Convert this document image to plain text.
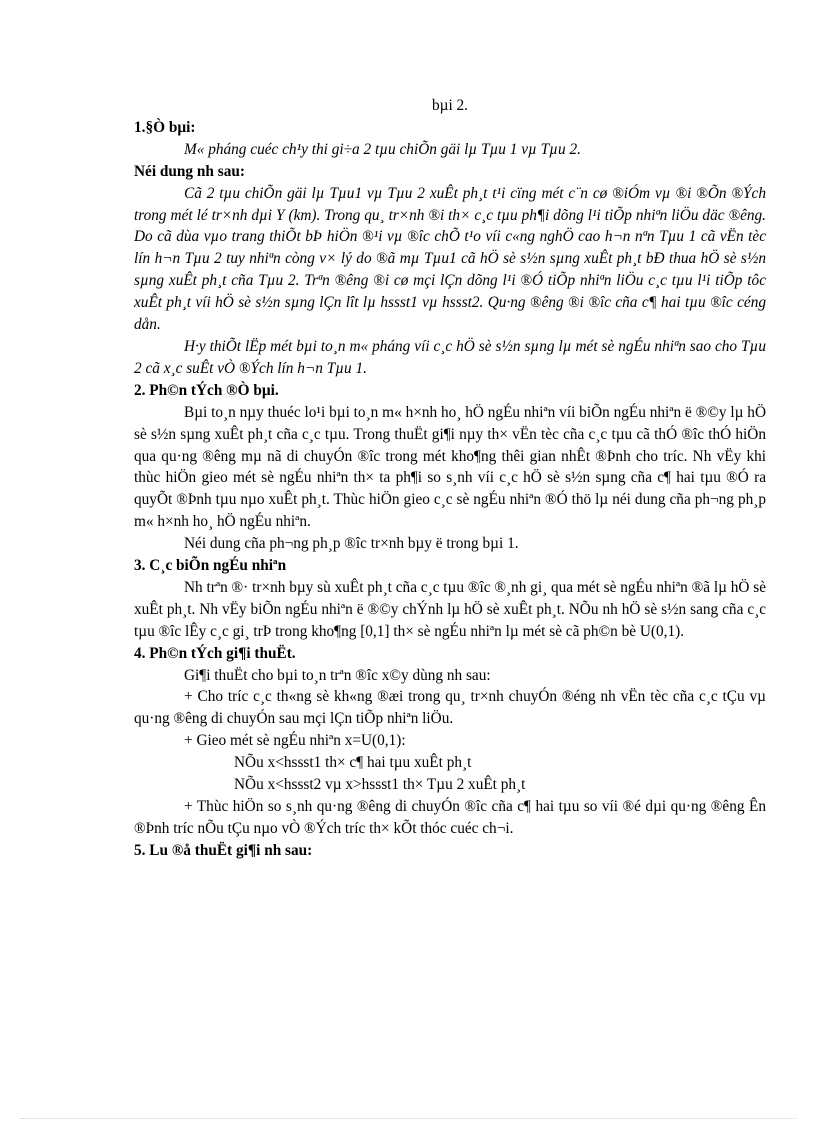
bµi 2.
1.§Ò bµi:
M« pháng cuéc ch¹y thi gi÷a 2 tµu chiÕn gäi lµ Tµu 1 vµ Tµu 2.
Néi dung nh sau:
Cã 2 tµu chiÕn gäi lµ Tµu1 vµ Tµu 2 xuÊt ph¸t t¹i cïng mét c¨n cø ®iÓm vµ ®i ®Õn ®Ých trong mét lé tr×nh dµi Y (km). Trong qu¸ tr×nh ®i th× c¸c tµu ph¶i dõng l¹i tiÕp nhiªn liÖu däc ®êng. Do cã dùa vµo trang thiÕt bÞ hiÖn ®¹i vµ ®îc chÕ t¹o víi c«ng nghÖ cao h¬n nªn Tµu 1 cã vËn tèc lín h¬n Tµu 2 tuy nhiªn còng v× lý do ®ã mµ Tµu1 cã hÖ sè s½n sµng xuÊt ph¸t bÐ thua hÖ sè s½n sµng xuÊt ph¸t cña Tµu 2. Trªn ®êng ®i cø mçi lÇn dõng l¹i ®Ó tiÕp nhiªn liÖu c¸c tµu l¹i tiÕp tôc xuÊt ph¸t víi hÖ sè s½n sµng lÇn lît lµ hssst1 vµ hssst2. Qu·ng ®êng ®i ®îc cña c¶ hai tµu ®îc céng dån.
H·y thiÕt lËp mét bµi to¸n m« pháng víi c¸c hÖ sè s½n sµng lµ mét sè ngÉu nhiªn sao cho Tµu 2 cã x¸c suÊt vÒ ®Ých lín h¬n Tµu 1.
2. Ph©n tÝch ®Ò bµi.
Bµi to¸n nµy thuéc lo¹i bµi to¸n m« h×nh ho¸ hÖ ngÉu nhiªn víi biÕn ngÉu nhiªn ë ®©y lµ hÖ sè s½n sµng xuÊt ph¸t cña c¸c tµu. Trong thuËt gi¶i nµy th× vËn tèc cña c¸c tµu cã thÓ ®îc thÓ hiÖn qua qu·ng ®êng mµ nã di chuyÓn ®îc trong mét kho¶ng thêi gian nhÊt ®Þnh cho tríc. Nh vËy khi thùc hiÖn gieo mét sè ngÉu nhiªn th× ta ph¶i so s¸nh víi c¸c hÖ sè s½n sµng cña c¶ hai tµu ®Ó ra quyÕt ®Þnh tµu nµo xuÊt ph¸t. Thùc hiÖn gieo c¸c sè ngÉu nhiªn ®Ó thö lµ néi dung cña ph¬ng ph¸p m« h×nh ho¸ hÖ ngÉu nhiªn.
Néi dung cña ph¬ng ph¸p ®îc tr×nh bµy ë trong bµi 1.
3. C¸c biÕn ngÉu nhiªn
Nh trªn ®· tr×nh bµy sù xuÊt ph¸t cña c¸c tµu ®îc ®¸nh gi¸ qua mét sè ngÉu nhiªn ®ã lµ hÖ sè xuÊt ph¸t. Nh vËy biÕn ngÉu nhiªn ë ®©y chÝnh lµ hÖ sè xuÊt ph¸t. NÕu nh hÖ sè s½n sang cña c¸c tµu ®îc lÊy c¸c gi¸ trÞ trong kho¶ng [0,1] th× sè ngÉu nhiªn lµ mét sè cã ph©n bè U(0,1).
4. Ph©n tÝch gi¶i thuËt.
Gi¶i thuËt cho bµi to¸n trªn ®îc x©y dùng nh sau:
+ Cho tríc c¸c th«ng sè kh«ng ®æi trong qu¸ tr×nh chuyÓn ®éng nh vËn tèc cña c¸c tÇu vµ qu·ng ®êng di chuyÓn sau mçi lÇn tiÕp nhiªn liÖu.
+ Gieo mét sè ngÉu nhiªn x=U(0,1):
NÕu x<hssst1 th× c¶ hai tµu xuÊt ph¸t
NÕu x<hssst2 vµ x>hssst1 th× Tµu 2 xuÊt ph¸t
+ Thùc hiÖn so s¸nh qu·ng ®êng di chuyÓn ®îc cña c¶ hai tµu so víi ®é dµi qu·ng ®êng Ên ®Þnh tríc nÕu tÇu nµo vÒ ®Ých tríc th× kÕt thóc cuéc ch¬i.
5. Lu ®å thuËt gi¶i nh sau:
